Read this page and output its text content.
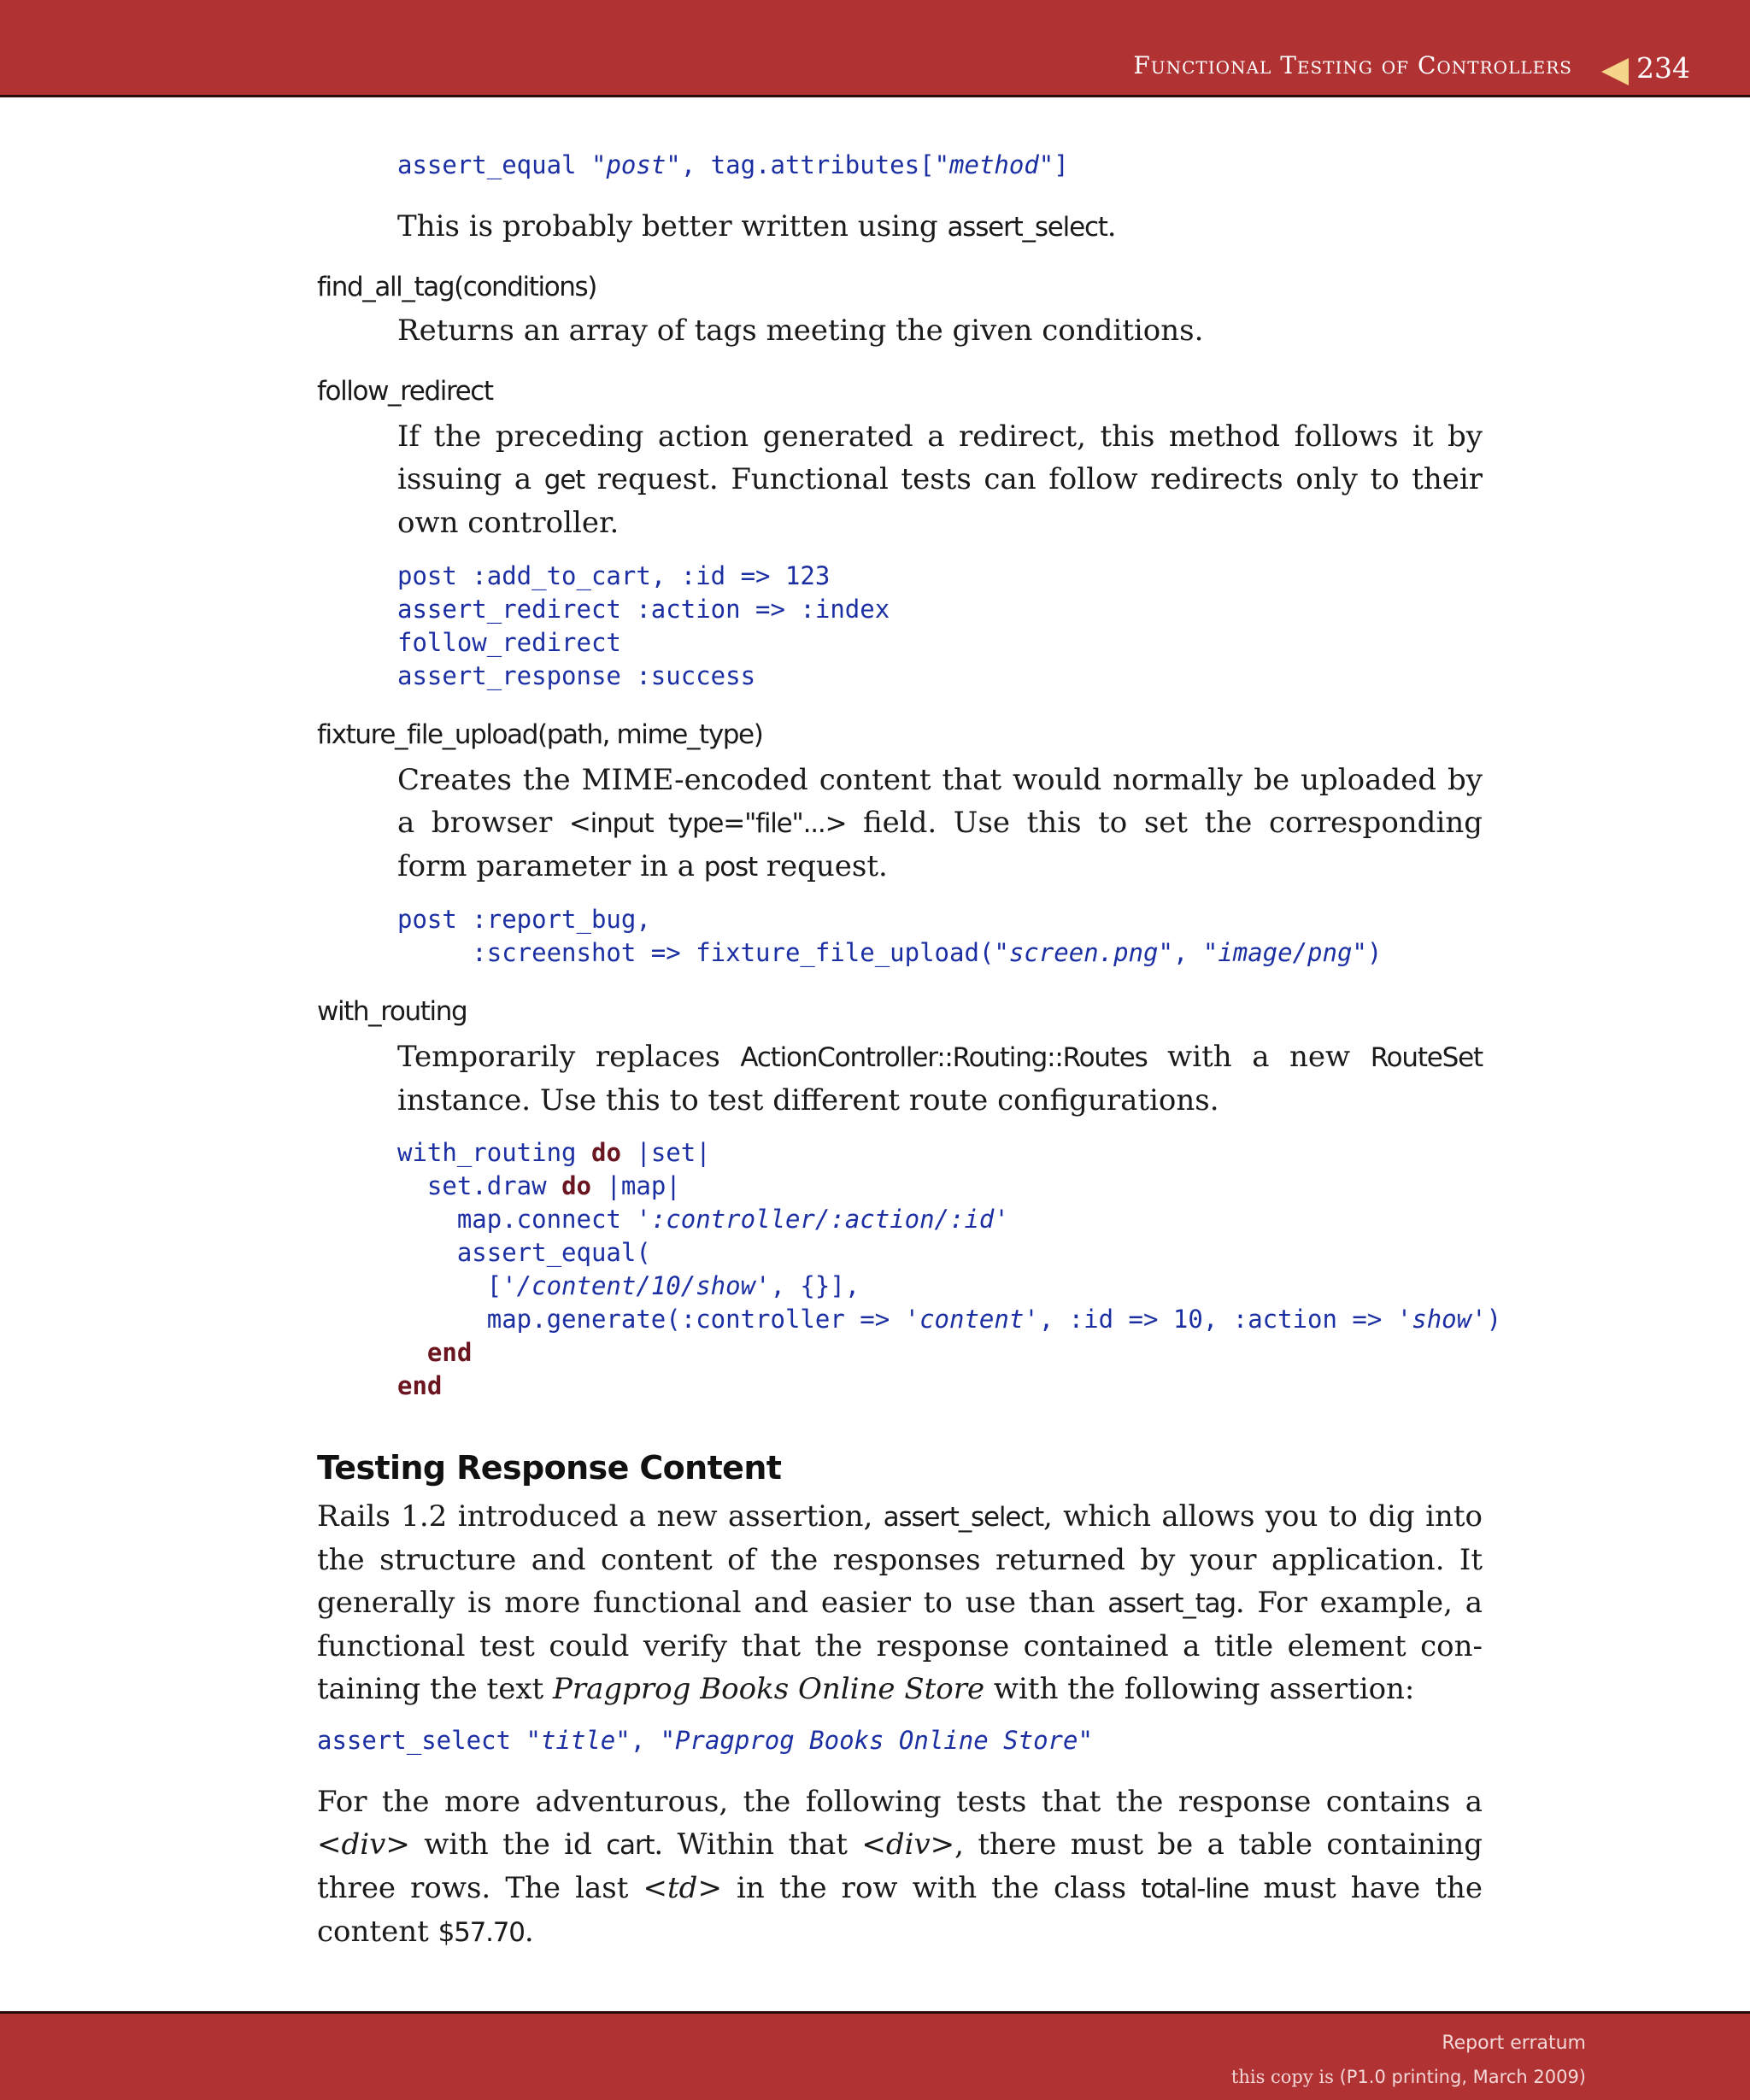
Functional Testing of Controllers 234
assert_equal "post", tag.attributes["method"]

This is probably better written using assert_select.

find_all_tag(conditions)

Returns an array of tags meeting the given conditions.

follow_redirect

If the preceding action generated a redirect, this method follows it by issuing a get request. Functional tests can follow redirects only to their own controller.

post :add_to_cart, :id => 123
assert_redirect :action => :index
follow_redirect
assert_response :success
fixture_file_upload(path, mime_type)

Creates the MIME-encoded content that would normally be uploaded by a browser <input type="file"...> field. Use this to set the corresponding form parameter in a post request.

post :report_bug,
:screenshot => fixture_file_upload("screen.png", "image/png")
with_routing

Temporarily replaces ActionController::Routing::Routes with a new RouteSet instance. Use this to test different route configurations.

with_routing do |set|
set.draw do |map|
map.connect ':controller/:action/:id'
assert_equal(
['/content/10/show', {}],
map.generate(:controller => 'content', :id => 10, :action => 'show')
end
end
Testing Response Content

Rails 1.2 introduced a new assertion, assert_select, which allows you to dig into the structure and content of the responses returned by your application. It generally is more functional and easier to use than assert_tag. For example, a functional test could verify that the response contained a title element containing the text Pragprog Books Online Store with the following assertion:

assert_select "title", "Pragprog Books Online Store"

For the more adventurous, the following tests that the response contains a <div> with the id cart. Within that <div>, there must be a table containing three rows. The last <td> in the row with the class total-line must have the content $57.70.

Report erratum
this copy is (P1.0 printing, March 2009)
